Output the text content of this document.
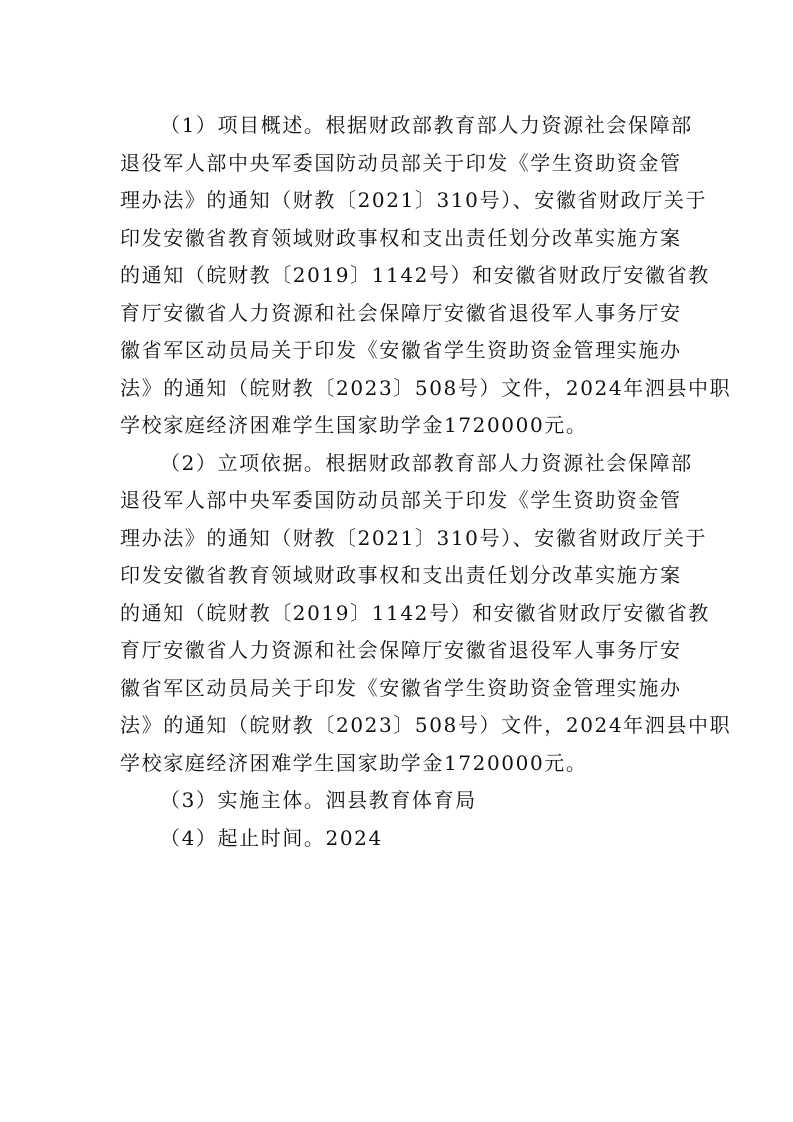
（1）项目概述。根据财政部教育部人力资源社会保障部
退役军人部中央军委国防动员部关于印发《学生资助资金管
理办法》的通知（财教〔2021〕310号）、安徽省财政厅关于
印发安徽省教育领域财政事权和支出责任划分改革实施方案
的通知（皖财教〔2019〕1142号）和安徽省财政厅安徽省教
育厅安徽省人力资源和社会保障厅安徽省退役军人事务厅安
徽省军区动员局关于印发《安徽省学生资助资金管理实施办
法》的通知（皖财教〔2023〕508号）文件，2024年泗县中职
学校家庭经济困难学生国家助学金1720000元。
（2）立项依据。根据财政部教育部人力资源社会保障部
退役军人部中央军委国防动员部关于印发《学生资助资金管
理办法》的通知（财教〔2021〕310号）、安徽省财政厅关于
印发安徽省教育领域财政事权和支出责任划分改革实施方案
的通知（皖财教〔2019〕1142号）和安徽省财政厅安徽省教
育厅安徽省人力资源和社会保障厅安徽省退役军人事务厅安
徽省军区动员局关于印发《安徽省学生资助资金管理实施办
法》的通知（皖财教〔2023〕508号）文件，2024年泗县中职
学校家庭经济困难学生国家助学金1720000元。
（3）实施主体。泗县教育体育局
（4）起止时间。2024
